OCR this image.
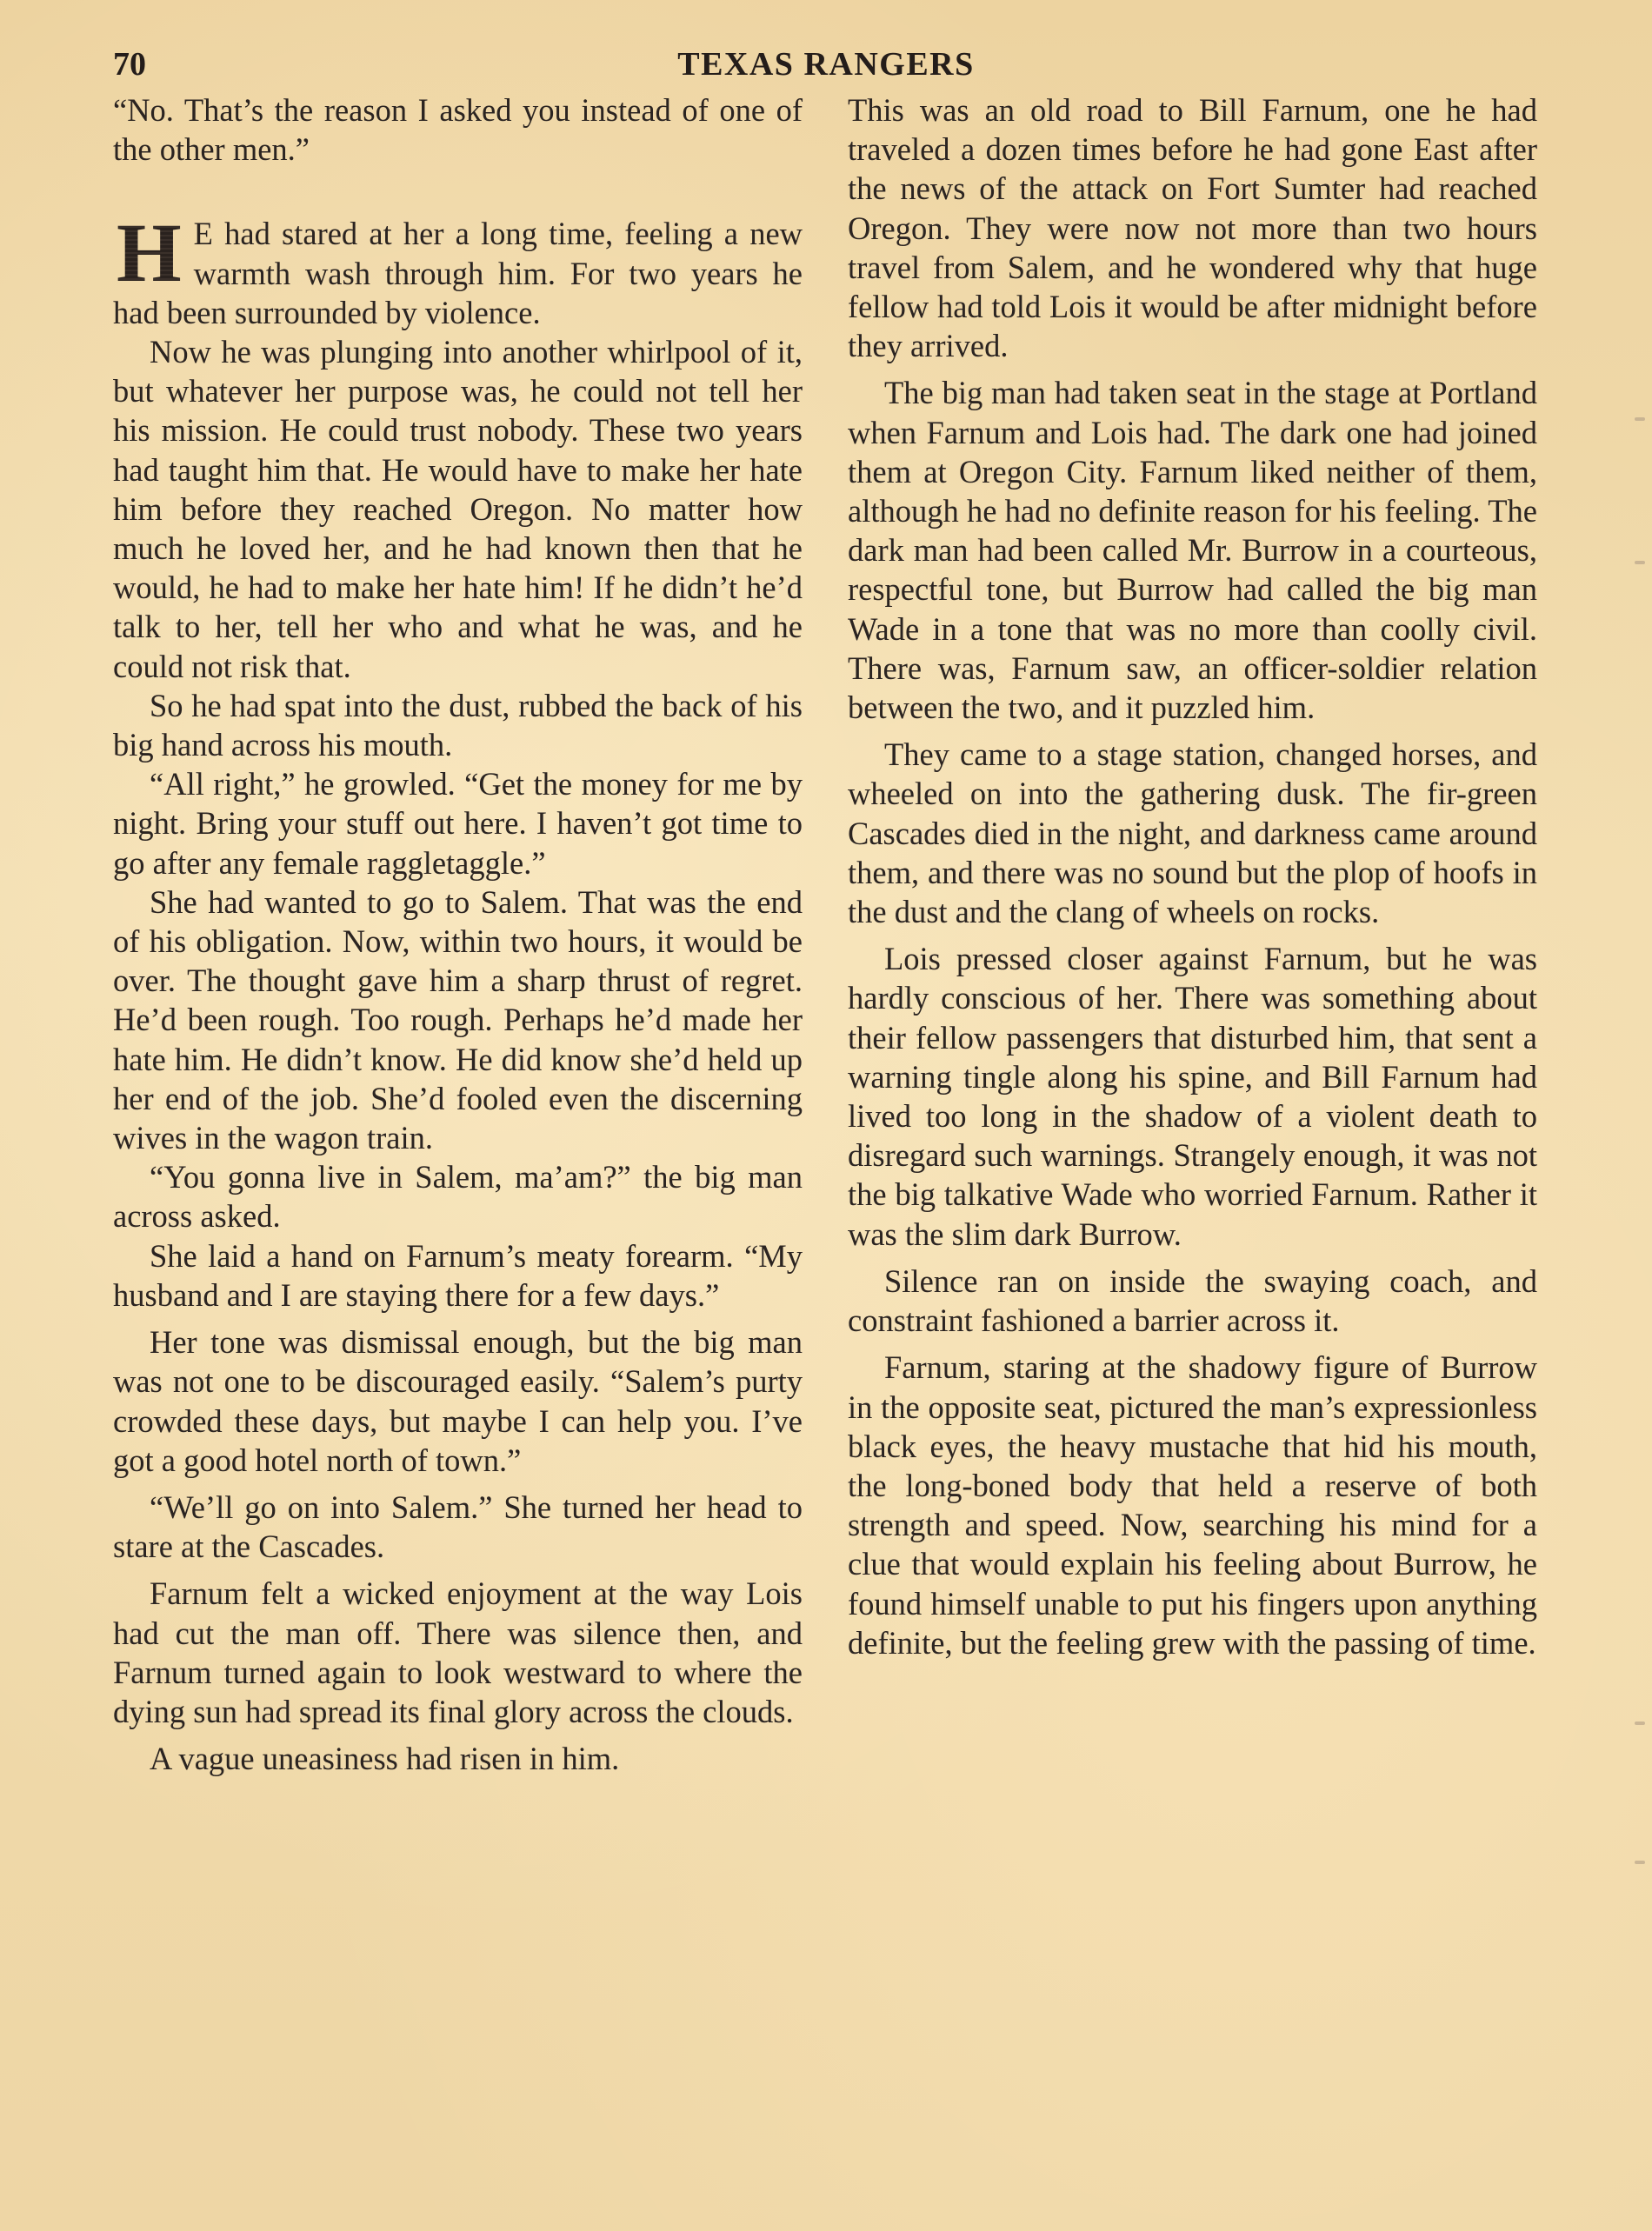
70	TEXAS RANGERS

“No. That’s the reason I asked you instead of one of the other men.”

H E had stared at her a long time, feeling a new warmth wash through him. For two years he had been surrounded by violence.

Now he was plunging into another whirlpool of it, but whatever her purpose was, he could not tell her his mission. He could trust nobody. These two years had taught him that. He would have to make her hate him before they reached Oregon. No matter how much he loved her, and he had known then that he would, he had to make her hate him! If he didn’t he’d talk to her, tell her who and what he was, and he could not risk that.

So he had spat into the dust, rubbed the back of his big hand across his mouth.

“All right,” he growled. “Get the money for me by night. Bring your stuff out here. I haven’t got time to go after any female raggletaggle.”

She had wanted to go to Salem. That was the end of his obligation. Now, within two hours, it would be over. The thought gave him a sharp thrust of regret. He’d been rough. Too rough. Perhaps he’d made her hate him. He didn’t know. He did know she’d held up her end of the job. She’d fooled even the discerning wives in the wagon train.

“You gonna live in Salem, ma’am?” the big man across asked.

She laid a hand on Farnum’s meaty forearm. “My husband and I are staying there for a few days.”

Her tone was dismissal enough, but the big man was not one to be discouraged easily. “Salem’s purty crowded these days, but maybe I can help you. I’ve got a good hotel north of town.”

“We’ll go on into Salem.” She turned her head to stare at the Cascades.

Farnum felt a wicked enjoyment at the way Lois had cut the man off. There was silence then, and Farnum turned again to look westward to where the dying sun had spread its final glory across the clouds.

A vague uneasiness had risen in him.

This was an old road to Bill Farnum, one he had traveled a dozen times before he had gone East after the news of the attack on Fort Sumter had reached Oregon. They were now not more than two hours travel from Salem, and he wondered why that huge fellow had told Lois it would be after midnight before they arrived.

The big man had taken seat in the stage at Portland when Farnum and Lois had. The dark one had joined them at Oregon City. Farnum liked neither of them, although he had no definite reason for his feeling. The dark man had been called Mr. Burrow in a courteous, respectful tone, but Burrow had called the big man Wade in a tone that was no more than coolly civil. There was, Farnum saw, an officer-soldier relation between the two, and it puzzled him.

They came to a stage station, changed horses, and wheeled on into the gathering dusk. The fir-green Cascades died in the night, and darkness came around them, and there was no sound but the plop of hoofs in the dust and the clang of wheels on rocks.

Lois pressed closer against Farnum, but he was hardly conscious of her. There was something about their fellow passengers that disturbed him, that sent a warning tingle along his spine, and Bill Farnum had lived too long in the shadow of a violent death to disregard such warnings. Strangely enough, it was not the big talkative Wade who worried Farnum. Rather it was the slim dark Burrow.

Silence ran on inside the swaying coach, and constraint fashioned a barrier across it.

Farnum, staring at the shadowy figure of Burrow in the opposite seat, pictured the man’s expressionless black eyes, the heavy mustache that hid his mouth, the long-boned body that held a reserve of both strength and speed. Now, searching his mind for a clue that would explain his feeling about Burrow, he found himself unable to put his fingers upon anything definite, but the feeling grew with the passing of time.
